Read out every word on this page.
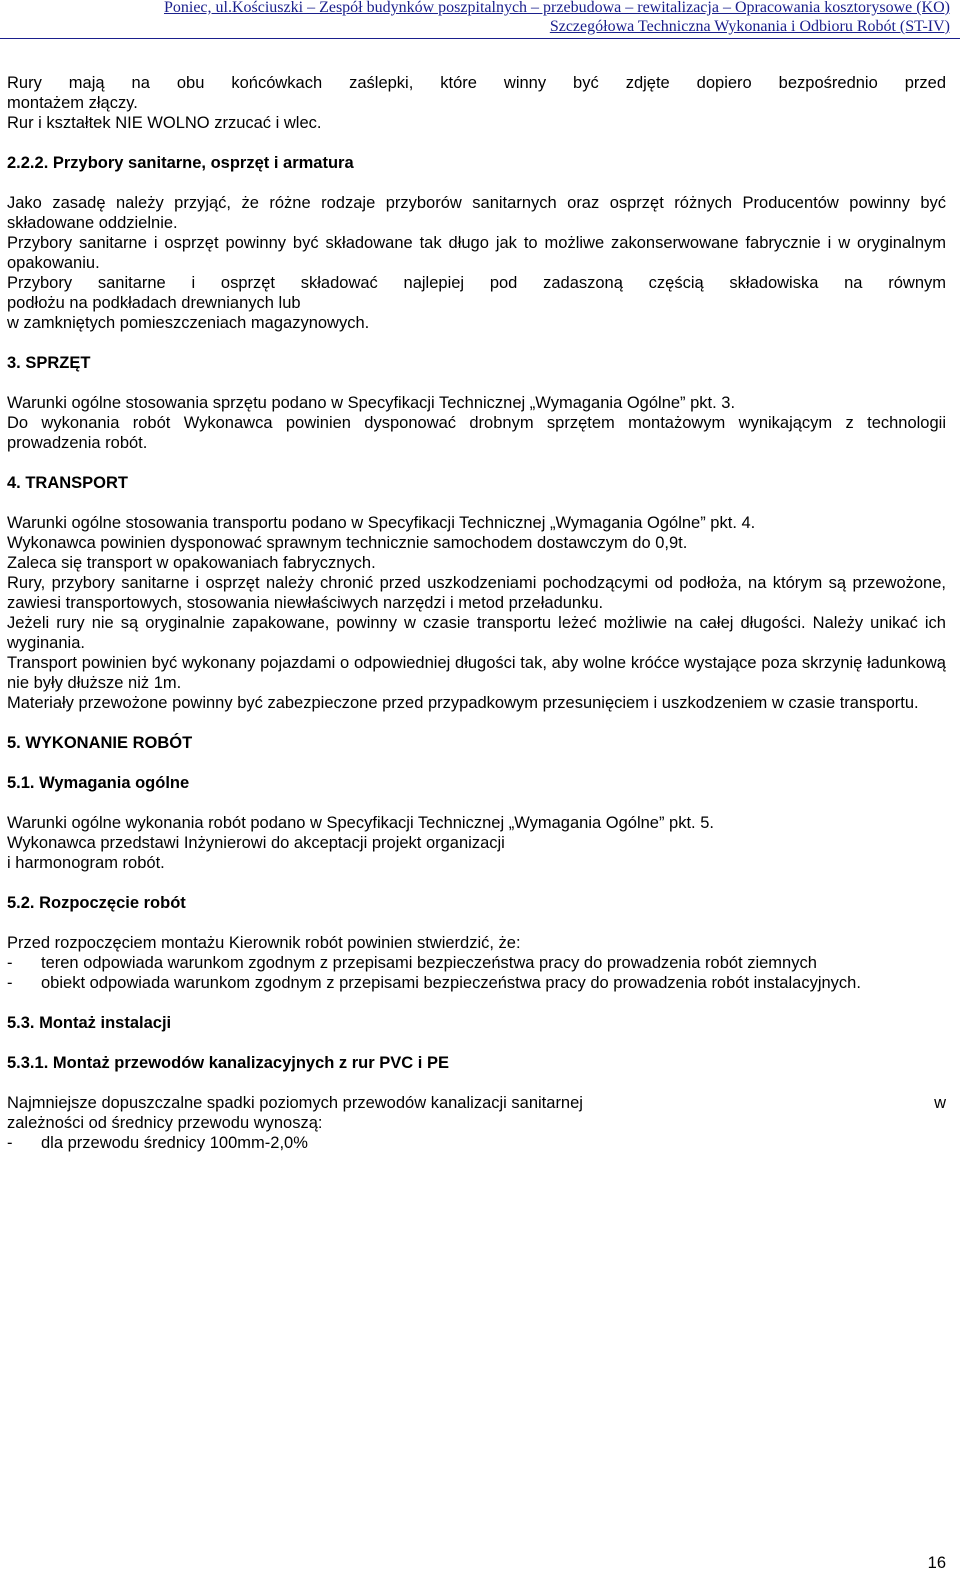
Poniec, ul.Kościuszki – Zespół budynków poszpitalnych – przebudowa – rewitalizacja – Opracowania kosztorysowe (KO)
Szczegółowa Techniczna Wykonania i Odbioru Robót (ST-IV)

Rury mają na obu końcówkach zaślepki, które winny być zdjęte dopiero bezpośrednio przed

montażem złączy.

Rur i kształtek NIE WOLNO zrzucać i wlec.

2.2.2. Przybory sanitarne, osprzęt i armatura

Jako zasadę należy przyjąć, że różne rodzaje przyborów sanitarnych oraz osprzęt różnych Producentów powinny być składowane oddzielnie.

Przybory sanitarne i osprzęt powinny być składowane tak długo jak to możliwe zakonserwowane fabrycznie i w oryginalnym opakowaniu.

Przybory sanitarne i osprzęt składować najlepiej pod zadaszoną częścią składowiska na równym

podłożu na podkładach drewnianych lub

w zamkniętych pomieszczeniach magazynowych.

3. SPRZĘT

Warunki ogólne stosowania sprzętu podano w Specyfikacji Technicznej „Wymagania Ogólne” pkt. 3.

Do wykonania robót Wykonawca powinien dysponować drobnym sprzętem montażowym wynikającym z technologii prowadzenia robót.

4. TRANSPORT

Warunki ogólne stosowania transportu podano w Specyfikacji Technicznej „Wymagania Ogólne” pkt. 4.

Wykonawca powinien dysponować sprawnym technicznie samochodem dostawczym do 0,9t.

Zaleca się transport w opakowaniach fabrycznych.

Rury, przybory sanitarne i osprzęt należy chronić przed uszkodzeniami pochodzącymi od podłoża, na którym są przewożone, zawiesi transportowych, stosowania niewłaściwych narzędzi i metod przeładunku.

Jeżeli rury nie są oryginalnie zapakowane, powinny w czasie transportu leżeć możliwie na całej długości. Należy unikać ich wyginania.

Transport powinien być wykonany pojazdami o odpowiedniej długości tak, aby wolne króćce wystające poza skrzynię ładunkową nie były dłuższe niż 1m.

Materiały przewożone powinny być zabezpieczone przed przypadkowym przesunięciem i uszkodzeniem w czasie transportu.

5. WYKONANIE ROBÓT

5.1. Wymagania ogólne

Warunki ogólne wykonania robót podano w Specyfikacji Technicznej „Wymagania Ogólne” pkt. 5.

Wykonawca przedstawi Inżynierowi do akceptacji projekt organizacji

i harmonogram robót.

5.2. Rozpoczęcie robót

Przed rozpoczęciem montażu Kierownik robót powinien stwierdzić, że:

-	teren odpowiada warunkom zgodnym z przepisami bezpieczeństwa pracy do prowadzenia robót ziemnych
-	obiekt odpowiada warunkom zgodnym z przepisami bezpieczeństwa pracy do prowadzenia robót instalacyjnych.

5.3. Montaż instalacji

5.3.1. Montaż przewodów kanalizacyjnych z rur PVC i PE

Najmniejsze dopuszczalne spadki poziomych przewodów kanalizacji sanitarnej	w

zależności od średnicy przewodu wynoszą:

-	dla przewodu średnicy 100mm-2,0%
16
